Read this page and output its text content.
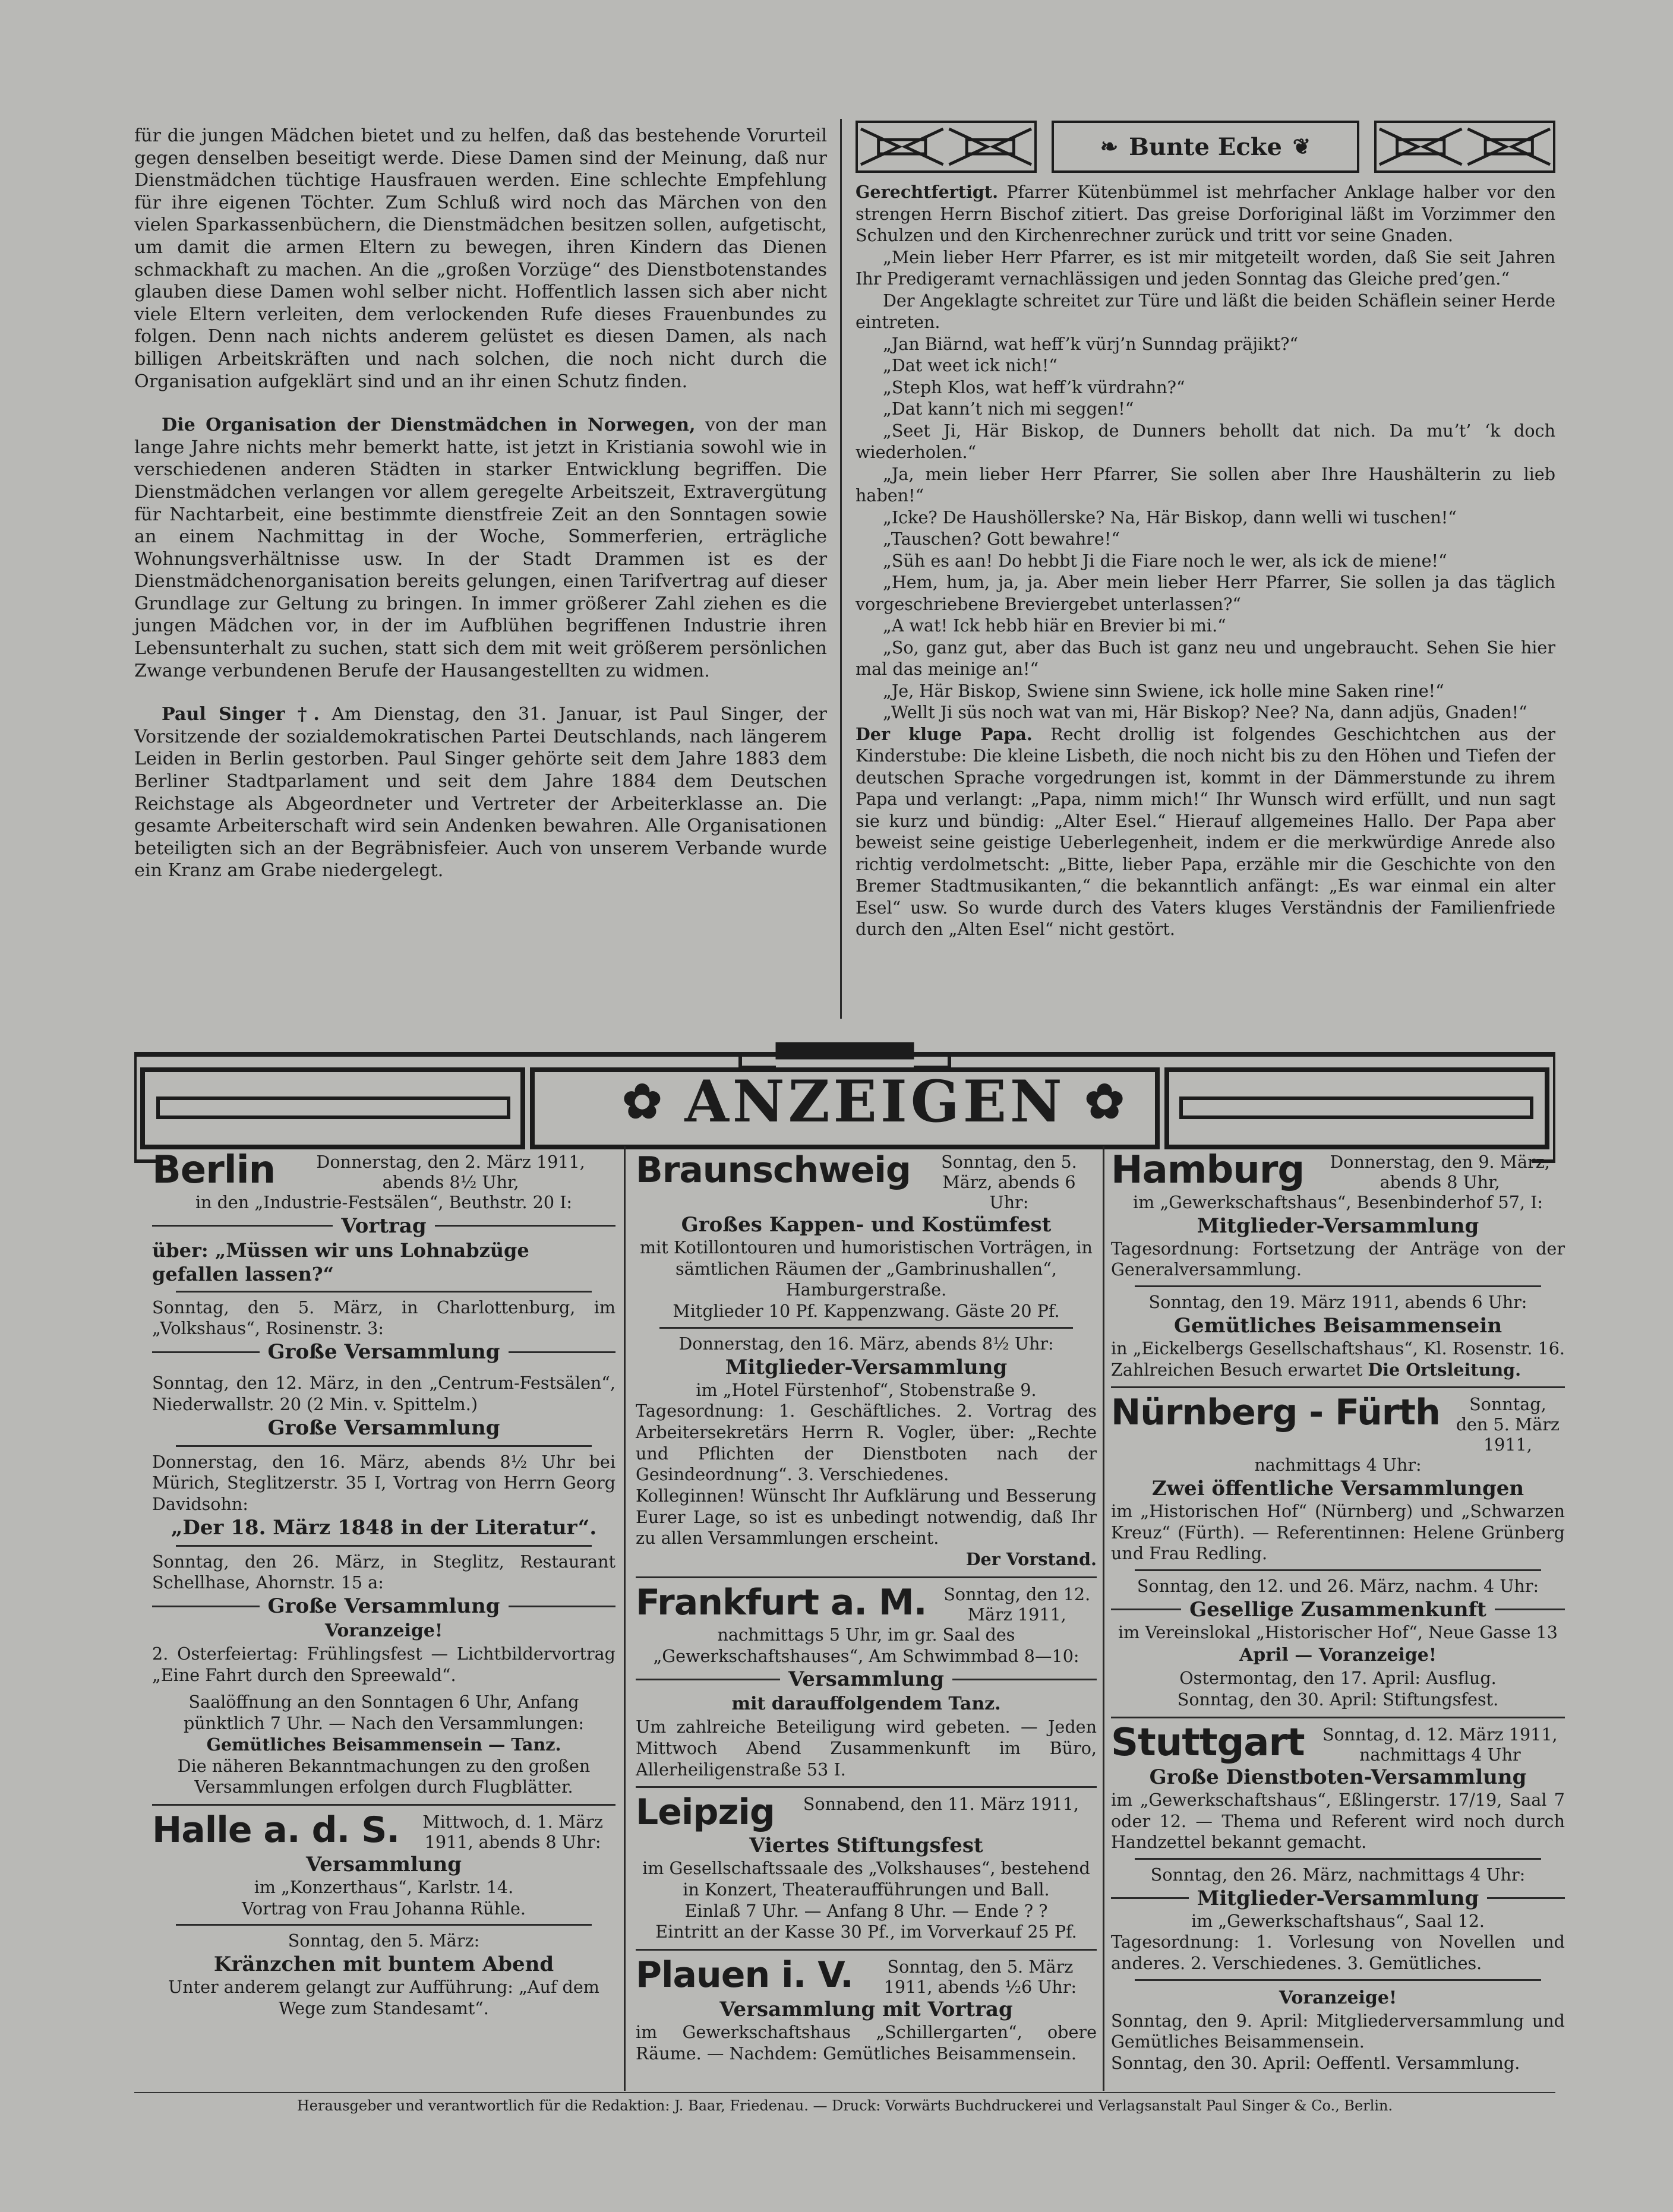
für die jungen Mädchen bietet und zu helfen, daß das bestehende Vorurteil gegen denselben beseitigt werde. Diese Damen sind der Meinung, daß nur Dienstmädchen tüchtige Hausfrauen werden. Eine schlechte Empfehlung für ihre eigenen Töchter. Zum Schluß wird noch das Märchen von den vielen Sparkassenbüchern, die Dienstmädchen besitzen sollen, aufgetischt, um damit die armen Eltern zu bewegen, ihren Kindern das Dienen schmackhaft zu machen. An die „großen Vorzüge“ des Dienstbotenstandes glauben diese Damen wohl selber nicht. Hoffentlich lassen sich aber nicht viele Eltern verleiten, dem verlockenden Rufe dieses Frauenbundes zu folgen. Denn nach nichts anderem gelüstet es diesen Damen, als nach billigen Arbeitskräften und nach solchen, die noch nicht durch die Organisation aufgeklärt sind und an ihr einen Schutz finden.

Die Organisation der Dienstmädchen in Norwegen, von der man lange Jahre nichts mehr bemerkt hatte, ist jetzt in Kristiania sowohl wie in verschiedenen anderen Städten in starker Entwicklung begriffen. Die Dienstmädchen verlangen vor allem geregelte Arbeitszeit, Extravergütung für Nachtarbeit, eine bestimmte dienstfreie Zeit an den Sonntagen sowie an einem Nachmittag in der Woche, Sommerferien, erträgliche Wohnungsverhältnisse usw. In der Stadt Drammen ist es der Dienstmädchenorganisation bereits gelungen, einen Tarifvertrag auf dieser Grundlage zur Geltung zu bringen. In immer größerer Zahl ziehen es die jungen Mädchen vor, in der im Aufblühen begriffenen Industrie ihren Lebensunterhalt zu suchen, statt sich dem mit weit größerem persönlichen Zwange verbundenen Berufe der Hausangestellten zu widmen.

Paul Singer †. Am Dienstag, den 31. Januar, ist Paul Singer, der Vorsitzende der sozialdemokratischen Partei Deutschlands, nach längerem Leiden in Berlin gestorben. Paul Singer gehörte seit dem Jahre 1883 dem Berliner Stadtparlament und seit dem Jahre 1884 dem Deutschen Reichstage als Abgeordneter und Vertreter der Arbeiterklasse an. Die gesamte Arbeiterschaft wird sein Andenken bewahren. Alle Organisationen beteiligten sich an der Begräbnisfeier. Auch von unserem Verbande wurde ein Kranz am Grabe niedergelegt.

❧ Bunte Ecke ❦

Gerechtfertigt. Pfarrer Kütenbümmel ist mehrfacher Anklage halber vor den strengen Herrn Bischof zitiert. Das greise Dorforiginal läßt im Vorzimmer den Schulzen und den Kirchenrechner zurück und tritt vor seine Gnaden.

„Mein lieber Herr Pfarrer, es ist mir mitgeteilt worden, daß Sie seit Jahren Ihr Predigeramt vernachlässigen und jeden Sonntag das Gleiche pred’gen.“

Der Angeklagte schreitet zur Türe und läßt die beiden Schäflein seiner Herde eintreten.

„Jan Biärnd, wat heff’k vürj’n Sunndag präjikt?“

„Dat weet ick nich!“

„Steph Klos, wat heff’k vürdrahn?“

„Dat kann’t nich mi seggen!“

„Seet Ji, Här Biskop, de Dunners behollt dat nich. Da muʼt’ ‘k doch wiederholen.“

„Ja, mein lieber Herr Pfarrer, Sie sollen aber Ihre Haushälterin zu lieb haben!“

„Icke? De Haushöllerske? Na, Här Biskop, dann welli wi tuschen!“

„Tauschen? Gott bewahre!“

„Süh es aan! Do hebbt Ji die Fiare noch le wer, als ick de miene!“

„Hem, hum, ja, ja. Aber mein lieber Herr Pfarrer, Sie sollen ja das täglich vorgeschriebene Breviergebet unterlassen?“

„A wat! Ick hebb hiär en Brevier bi mi.“

„So, ganz gut, aber das Buch ist ganz neu und ungebraucht. Sehen Sie hier mal das meinige an!“

„Je, Här Biskop, Swiene sinn Swiene, ick holle mine Saken rine!“

„Wellt Ji süs noch wat van mi, Här Biskop? Nee? Na, dann adjüs, Gnaden!“

Der kluge Papa. Recht drollig ist folgendes Geschichtchen aus der Kinderstube: Die kleine Lisbeth, die noch nicht bis zu den Höhen und Tiefen der deutschen Sprache vorgedrungen ist, kommt in der Dämmerstunde zu ihrem Papa und verlangt: „Papa, nimm mich!“ Ihr Wunsch wird erfüllt, und nun sagt sie kurz und bündig: „Alter Esel.“ Hierauf allgemeines Hallo. Der Papa aber beweist seine geistige Ueberlegenheit, indem er die merkwürdige Anrede also richtig verdolmetscht: „Bitte, lieber Papa, erzähle mir die Geschichte von den Bremer Stadtmusikanten,“ die bekanntlich anfängt: „Es war einmal ein alter Esel“ usw. So wurde durch des Vaters kluges Verständnis der Familienfriede durch den „Alten Esel“ nicht gestört.

✿ ANZEIGEN ✿
Berlin	Donnerstag, den 2. März 1911, abends 8½ Uhr,
in den „Industrie-Festsälen“, Beuthstr. 20 I:
Vortrag
über: „Müssen wir uns Lohnabzüge gefallen lassen?“
Sonntag, den 5. März, in Charlottenburg, im „Volkshaus“, Rosinenstr. 3:
Große Versammlung
Sonntag, den 12. März, in den „Centrum-Festsälen“, Niederwallstr. 20 (2 Min. v. Spittelm.)
Große Versammlung
Donnerstag, den 16. März, abends 8½ Uhr bei Mürich, Steglitzerstr. 35 I, Vortrag von Herrn Georg Davidsohn:
„Der 18. März 1848 in der Literatur“.
Sonntag, den 26. März, in Steglitz, Restaurant Schellhase, Ahornstr. 15 a:
Große Versammlung
Voranzeige!
2. Osterfeiertag: Frühlingsfest — Lichtbildervortrag „Eine Fahrt durch den Spreewald“.
Saalöffnung an den Sonntagen 6 Uhr, Anfang pünktlich 7 Uhr. — Nach den Versammlungen:
Gemütliches Beisammensein — Tanz.
Die näheren Bekanntmachungen zu den großen Versammlungen erfolgen durch Flugblätter.
Halle a. d. S.	Mittwoch, d. 1. März 1911, abends 8 Uhr:
Versammlung
im „Konzerthaus“, Karlstr. 14.
Vortrag von Frau Johanna Rühle.
Sonntag, den 5. März:
Kränzchen mit buntem Abend
Unter anderem gelangt zur Aufführung: „Auf dem Wege zum Standesamt“.
Braunschweig	Sonntag, den 5. März, abends 6 Uhr:
Großes Kappen- und Kostümfest
mit Kotillontouren und humoristischen Vorträgen, in sämtlichen Räumen der „Gambrinushallen“, Hamburgerstraße.
Mitglieder 10 Pf. Kappenzwang. Gäste 20 Pf.
Donnerstag, den 16. März, abends 8½ Uhr:
Mitglieder-Versammlung
im „Hotel Fürstenhof“, Stobenstraße 9.
Tagesordnung: 1. Geschäftliches. 2. Vortrag des Arbeitersekretärs Herrn R. Vogler, über: „Rechte und Pflichten der Dienstboten nach der Gesindeordnung“. 3. Verschiedenes.
Kolleginnen! Wünscht Ihr Aufklärung und Besserung Eurer Lage, so ist es unbedingt notwendig, daß Ihr zu allen Versammlungen erscheint.
Der Vorstand.
Frankfurt a. M.	Sonntag, den 12. März 1911,
nachmittags 5 Uhr, im gr. Saal des „Gewerkschaftshauses“, Am Schwimmbad 8—10:
Versammlung
mit darauffolgendem Tanz.
Um zahlreiche Beteiligung wird gebeten. — Jeden Mittwoch Abend Zusammenkunft im Büro, Allerheiligenstraße 53 I.
Leipzig	Sonnabend, den 11. März 1911,
Viertes Stiftungsfest
im Gesellschaftssaale des „Volkshauses“, bestehend in Konzert, Theateraufführungen und Ball.
Einlaß 7 Uhr. — Anfang 8 Uhr. — Ende ? ?
Eintritt an der Kasse 30 Pf., im Vorverkauf 25 Pf.
Plauen i. V.	Sonntag, den 5. März 1911, abends ½6 Uhr:
Versammlung mit Vortrag
im Gewerkschaftshaus „Schillergarten“, obere Räume. — Nachdem: Gemütliches Beisammensein.
Hamburg	Donnerstag, den 9. März, abends 8 Uhr,
im „Gewerkschaftshaus“, Besenbinderhof 57, I:
Mitglieder-Versammlung
Tagesordnung: Fortsetzung der Anträge von der Generalversammlung.
Sonntag, den 19. März 1911, abends 6 Uhr:
Gemütliches Beisammensein
in „Eickelbergs Gesellschaftshaus“, Kl. Rosenstr. 16. Zahlreichen Besuch erwartet Die Ortsleitung.
Nürnberg - Fürth	Sonntag, den 5. März 1911,
nachmittags 4 Uhr:
Zwei öffentliche Versammlungen
im „Historischen Hof“ (Nürnberg) und „Schwarzen Kreuz“ (Fürth). — Referentinnen: Helene Grünberg und Frau Redling.
Sonntag, den 12. und 26. März, nachm. 4 Uhr:
Gesellige Zusammenkunft
im Vereinslokal „Historischer Hof“, Neue Gasse 13
April — Voranzeige!
Ostermontag, den 17. April: Ausflug.
Sonntag, den 30. April: Stiftungsfest.
Stuttgart	Sonntag, d. 12. März 1911, nachmittags 4 Uhr
Große Dienstboten-Versammlung
im „Gewerkschaftshaus“, Eßlingerstr. 17/19, Saal 7 oder 12. — Thema und Referent wird noch durch Handzettel bekannt gemacht.
Sonntag, den 26. März, nachmittags 4 Uhr:
Mitglieder-Versammlung
im „Gewerkschaftshaus“, Saal 12.
Tagesordnung: 1. Vorlesung von Novellen und anderes. 2. Verschiedenes. 3. Gemütliches.
Voranzeige!
Sonntag, den 9. April: Mitgliederversammlung und Gemütliches Beisammensein.
Sonntag, den 30. April: Oeffentl. Versammlung.
Herausgeber und verantwortlich für die Redaktion: J. Baar, Friedenau. — Druck: Vorwärts Buchdruckerei und Verlagsanstalt Paul Singer & Co., Berlin.
